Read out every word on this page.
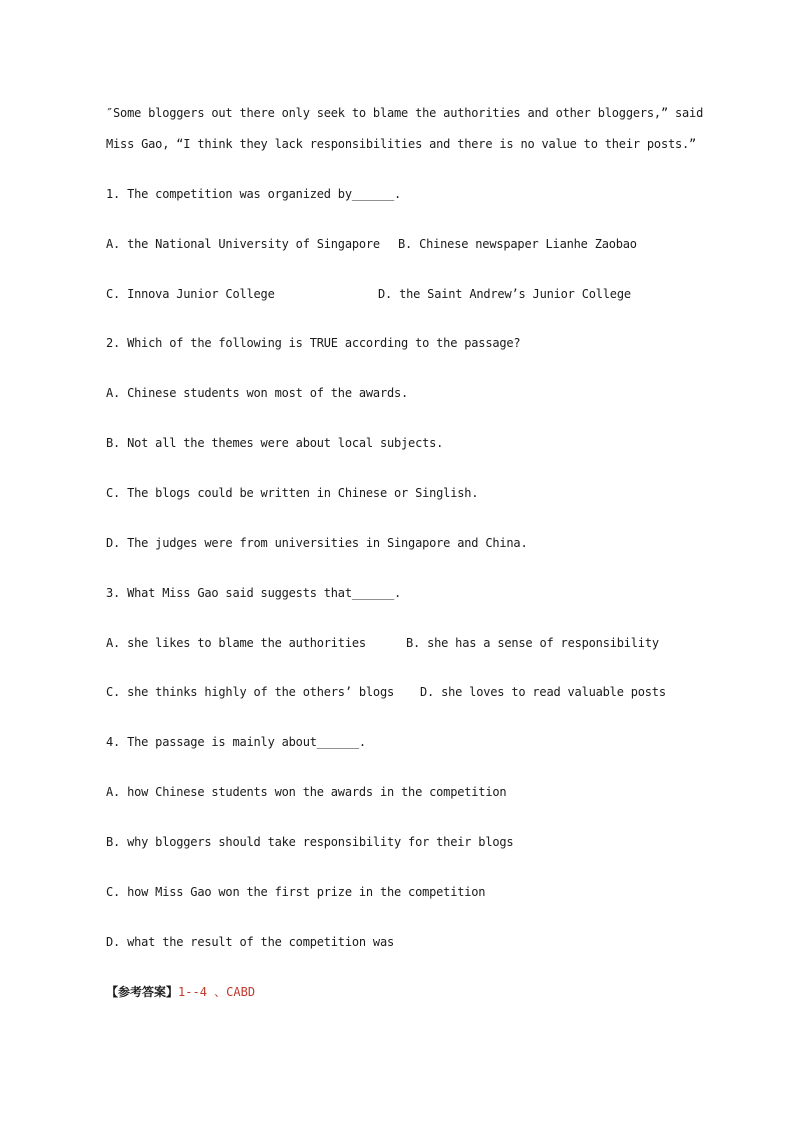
″Some bloggers out there only seek to blame the authorities and other bloggers,” said
Miss Gao, “I think they lack responsibilities and there is no value to their posts.”
1. The competition was organized by______.
A. the National University of Singapore B. Chinese newspaper Lianhe Zaobao
C. Innova Junior College	D. the Saint Andrew’s Junior College
2. Which of the following is TRUE according to the passage?
A. Chinese students won most of the awards.
B. Not all the themes were about local subjects.
C. The blogs could be written in Chinese or Singlish.
D. The judges were from universities in Singapore and China.
3. What Miss Gao said suggests that______.
A. she likes to blame the authorities	B. she has a sense of responsibility
C. she thinks highly of the others’ blogs D. she loves to read valuable posts
4. The passage is mainly about______.
A. how Chinese students won the awards in the competition
B. why bloggers should take responsibility for their blogs
C. how Miss Gao won the first prize in the competition
D. what the result of the competition was
【参考答案】1--4 、CABD
